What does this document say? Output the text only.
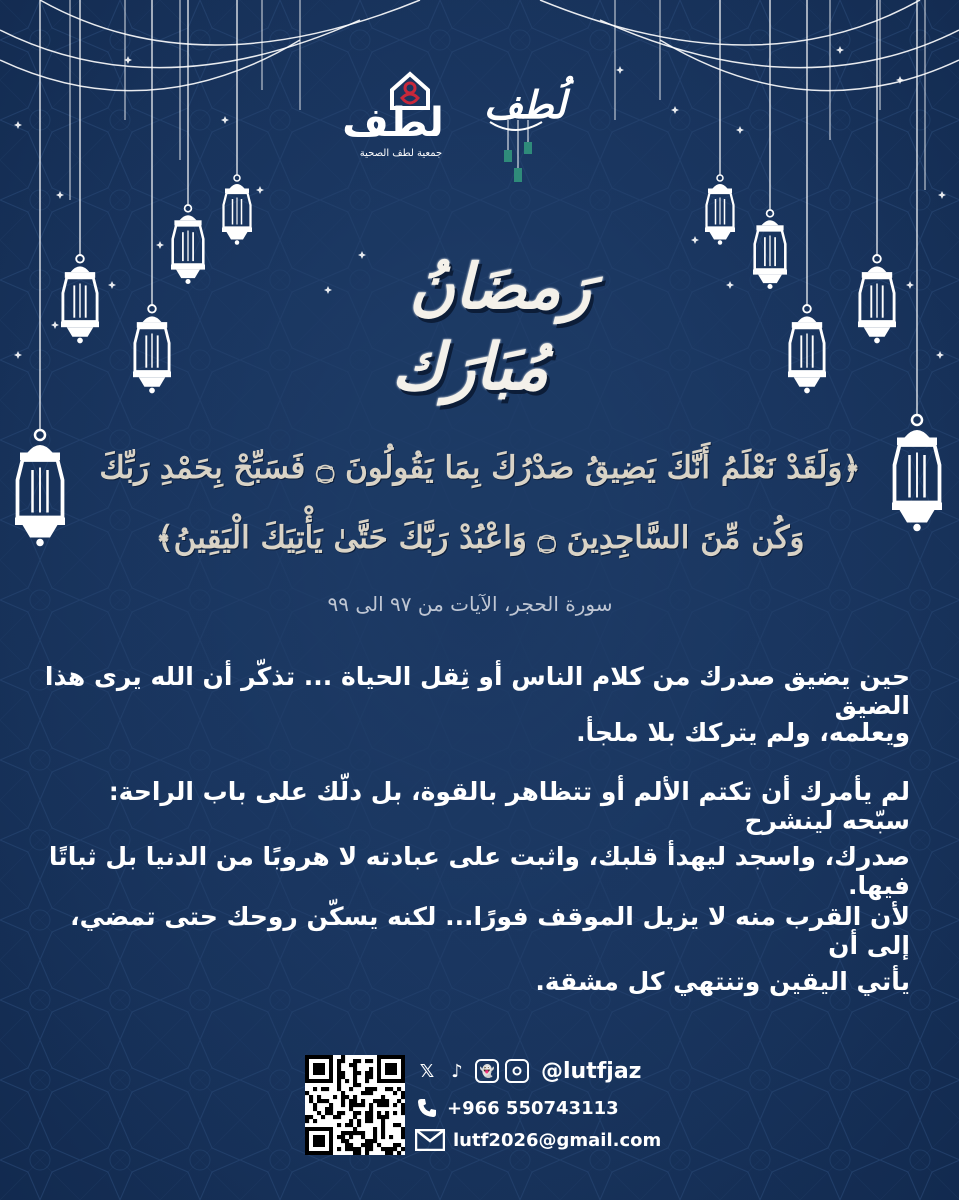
لطف
جمعية لطف الصحية
لُطف
رَمضَانُ
مُبَارَك
﴿وَلَقَدْ نَعْلَمُ أَنَّكَ يَضِيقُ صَدْرُكَ بِمَا يَقُولُونَ ۝ فَسَبِّحْ بِحَمْدِ رَبِّكَ
وَكُن مِّنَ السَّاجِدِينَ ۝ وَاعْبُدْ رَبَّكَ حَتَّىٰ يَأْتِيَكَ الْيَقِينُ﴾
سورة الحجر، الآيات من ٩٧ الى ٩٩
حين يضيق صدرك من كلام الناس أو ثِقل الحياة ... تذكّر أن الله يرى هذا الضيق
ويعلمه، ولم يتركك بلا ملجأ.
لم يأمرك أن تكتم الألم أو تتظاهر بالقوة، بل دلّك على باب الراحة: سبّحه لينشرح
صدرك، واسجد ليهدأ قلبك، واثبت على عبادته لا هروبًا من الدنيا بل ثباتًا فيها.
لأن القرب منه لا يزيل الموقف فورًا... لكنه يسكّن روحك حتى تمضي، إلى أن
يأتي اليقين وتنتهي كل مشقة.
𝕏 ♪	👻 @lutfjaz
+966 550743113
lutf2026@gmail.com
